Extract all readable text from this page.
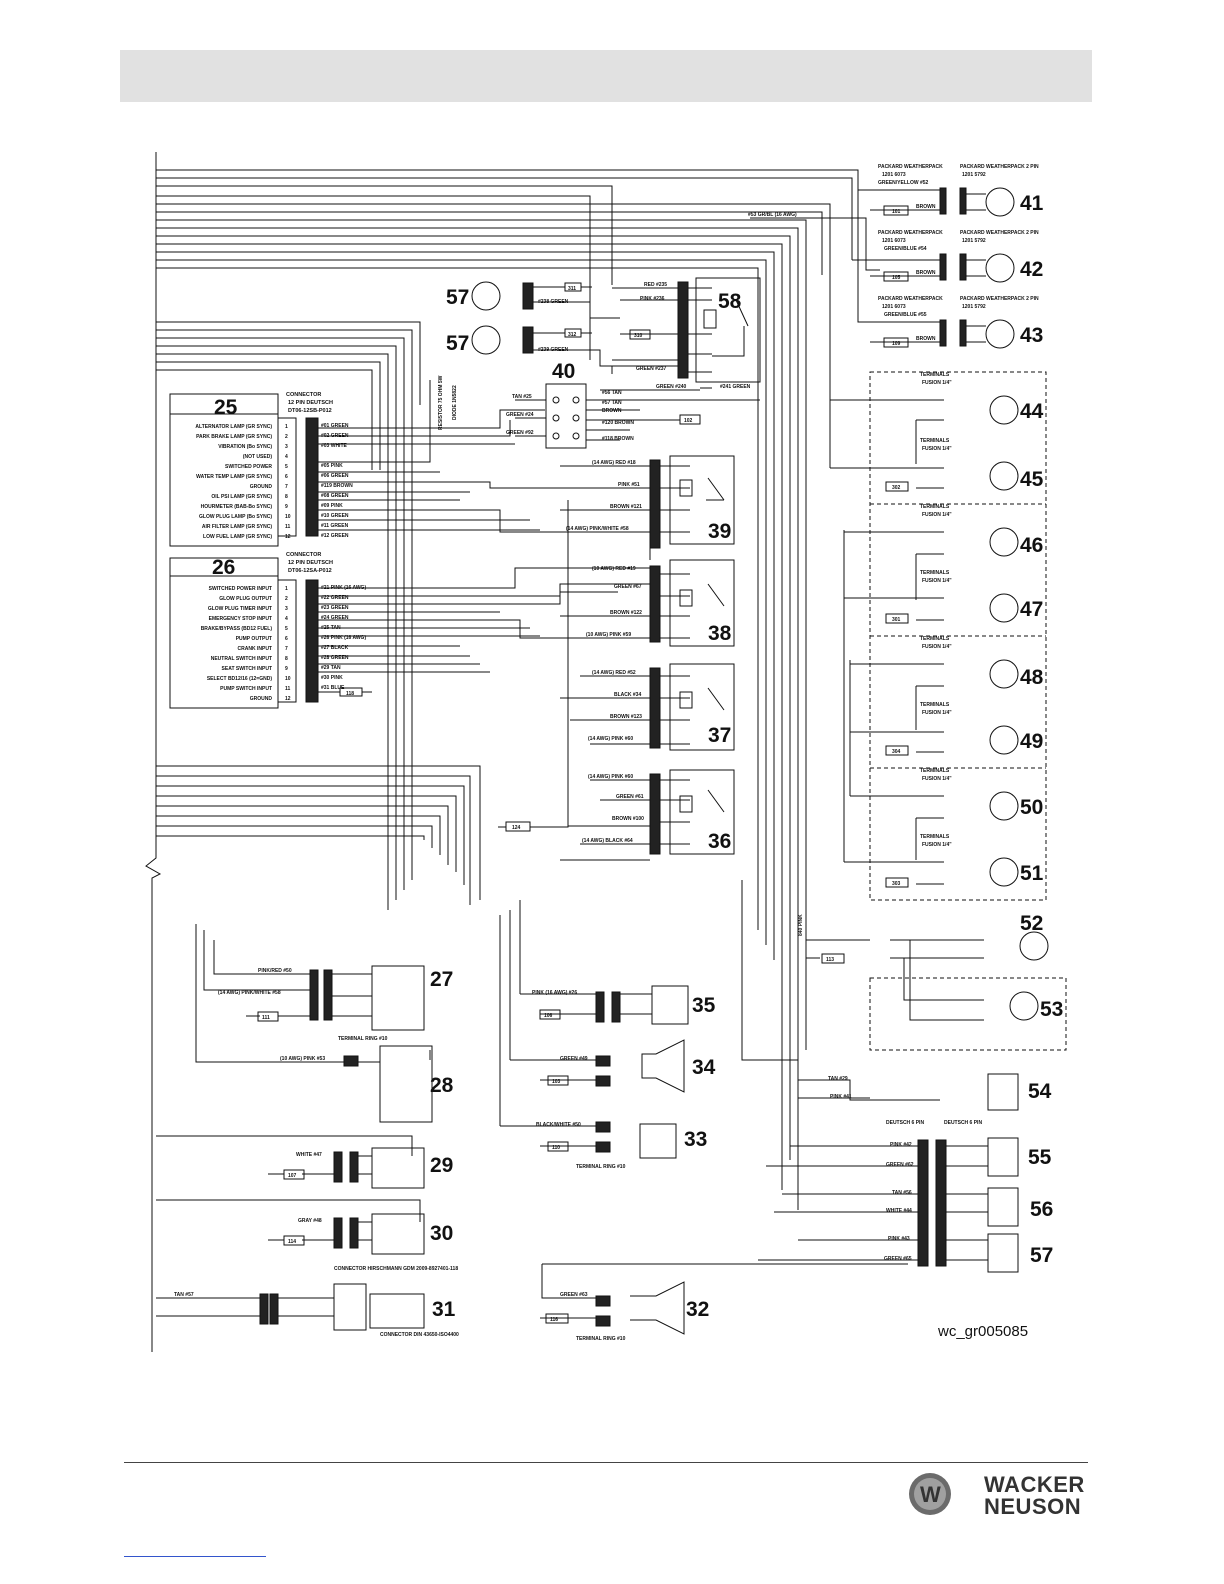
25
26
27
28
29
30
31	32
33
34
35
36
37
38
39
40
41
42
43
44
45
46
47
48
49
50
51
52
53
54
55
56
57
57
57
58
CONNECTOR
12 PIN DEUTSCH
DT06-12SB-P012
ALTERNATOR LAMP (GR SYNC)	1	#01 GREEN
PARK BRAKE LAMP (GR SYNC)	2	#02 GREEN
VIBRATION (Bo SYNC)	3	#03 WHITE
(NOT USED)	4
SWITCHED POWER	5	#05 PINK
WATER TEMP LAMP (GR SYNC)	6	#06 GREEN
GROUND	7	#119 BROWN
OIL PSI LAMP (GR SYNC)	8	#08 GREEN
HOURMETER (BAB-Bo SYNC)	9	#09 PINK
GLOW PLUG LAMP (Bo SYNC)	10	#10 GREEN
AIR FILTER LAMP (GR SYNC)	11	#11 GREEN
LOW FUEL LAMP (GR SYNC)	12	#12 GREEN
CONNECTOR
12 PIN DEUTSCH
DT06-12SA-P012
SWITCHED POWER INPUT	1	#21 PINK (16 AWG)
GLOW PLUG OUTPUT	2	#22 GREEN
GLOW PLUG TIMER INPUT	3	#23 GREEN
EMERGENCY STOP INPUT	4	#24 GREEN
BRAKE/BYPASS (BD12 FUEL)	5	#25 TAN
PUMP OUTPUT	6	#26 PINK (16 AWG)
CRANK INPUT	7	#27 BLACK
NEUTRAL SWITCH INPUT	8	#28 GREEN
SEAT SWITCH INPUT	9	#29 TAN
SELECT BD12/16 (12=GND)	10	#30 PINK
PUMP SWITCH INPUT	11	#31 BLUE
GROUND	12
PACKARD WEATHERPACK	PACKARD WEATHERPACK 2 PIN
1201 6073	1201 5792
GREEN/YELLOW #52
BROWN
PACKARD WEATHERPACK	PACKARD WEATHERPACK 2 PIN
1201 6073	1201 5792
GREEN/BLUE #54
BROWN
PACKARD WEATHERPACK	PACKARD WEATHERPACK 2 PIN
1201 6073	1201 5792
GREEN/BLUE #55
BROWN
#53 GR/BL (16 AWG)
840 PINK
RESISTOR 75 OHM 5W DIODE 1N5822
TERMINALS
FUSION 1/4"
TERMINALS
FUSION 1/4"
TERMINALS
FUSION 1/4"
TERMINALS
FUSION 1/4"
TERMINALS
FUSION 1/4"
TERMINALS
FUSION 1/4"
TERMINALS
FUSION 1/4"
TERMINALS
FUSION 1/4"
101
105
109
302
301
304
303
311
312	310
102
124
118
111	106
114
113
107
103
110
116
(14 AWG) RED #18
PINK #51
BROWN #121
(14 AWG) PINK/WHITE #58
(10 AWG) RED #19
GREEN #67
BROWN #122
(10 AWG) PINK #59
(14 AWG) RED #52
BLACK #34
BROWN #123
(14 AWG) PINK #60
(14 AWG) PINK #60
GREEN #61
BROWN #100
(14 AWG) BLACK #64
TAN #25
GREEN #24
GREEN #92
#56 TAN
#57 TAN
BROWN
#120 BROWN
#118 BROWN
RED #235
PINK #236
GREEN #237
GREEN #240	#241 GREEN
#238 GREEN
#239 GREEN
PINK/RED #50
(14 AWG) PINK/WHITE #58
(10 AWG) PINK #53
TERMINAL RING #10
WHITE #47
GRAY #48
TAN #57
CONNECTOR HIRSCHMANN GDM 2009-8927401-118
CONNECTOR DIN 43650-ISO4400
PINK (16 AWG) #26
GREEN #49
BLACK/WHITE #50
GREEN #63
TERMINAL RING #10
TERMINAL RING #10
TAN #29
PINK #41
PINK #42
GREEN #62
TAN #56
WHITE #44
PINK #43
GREEN #65
DEUTSCH 6 PIN	DEUTSCH 6 PIN
wc_gr005085
W WACKER
NEUSON
